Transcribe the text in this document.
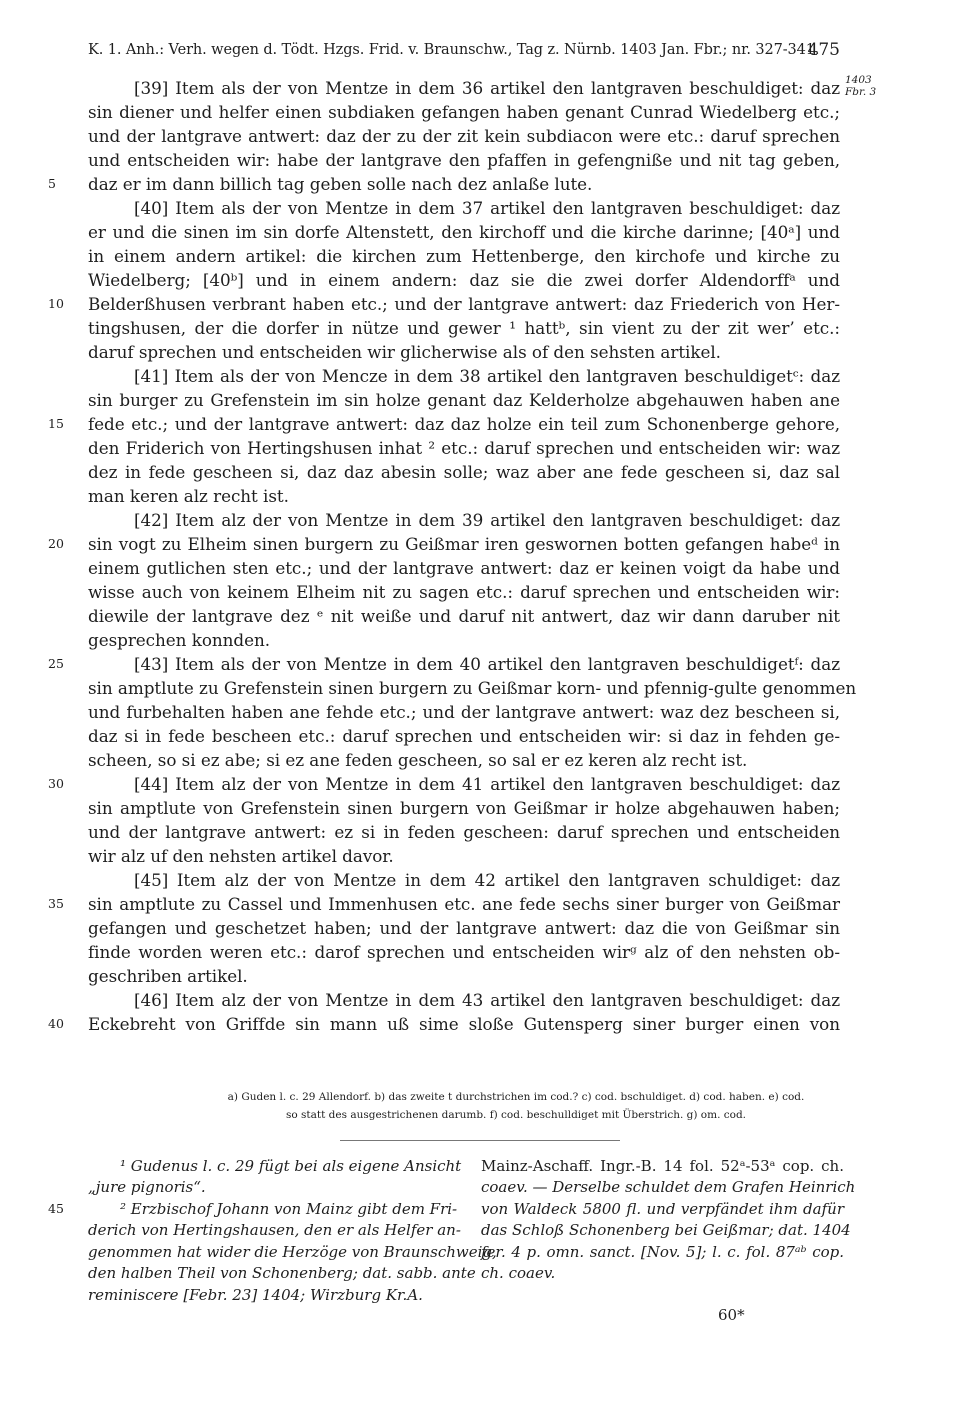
K. 1. Anh.: Verh. wegen d. Tödt. Hzgs. Frid. v. Braunschw., Tag z. Nürnb. 1403 Jan. Fbr.; nr. 327-341.
475
1403
Fbr. 3
[39] Item als der von Mentze in dem 36 artikel den lantgraven beschuldiget: daz
sin diener und helfer einen subdiaken gefangen haben genant Cunrad Wiedelberg etc.;
und der lantgrave antwert: daz der zu der zit kein subdiacon were etc.: daruf sprechen
und entscheiden wir: habe der lantgrave den pfaffen in gefengniße und nit tag geben,
5	daz er im dann billich tag geben solle nach dez anlaße lute.
[40] Item als der von Mentze in dem 37 artikel den lantgraven beschuldiget: daz
er und die sinen im sin dorfe Altenstett, den kirchoff und die kirche darinne; [40ᵃ] und
in einem andern artikel: die kirchen zum Hettenberge, den kirchofe und kirche zu
Wiedelberg; [40ᵇ] und in einem andern: daz sie die zwei dorfer Aldendorffᵃ und
10	Belderßhusen verbrant haben etc.; und der lantgrave antwert: daz Friederich von Her-
tingshusen, der die dorfer in nütze und gewer ¹ hattᵇ, sin vient zu der zit wer’ etc.:
daruf sprechen und entscheiden wir glicherwise als of den sehsten artikel.
[41] Item als der von Mencze in dem 38 artikel den lantgraven beschuldigetᶜ: daz
sin burger zu Grefenstein im sin holze genant daz Kelderholze abgehauwen haben ane
15	fede etc.; und der lantgrave antwert: daz daz holze ein teil zum Schonenberge gehore,
den Friderich von Hertingshusen inhat ² etc.: daruf sprechen und entscheiden wir: waz
dez in fede gescheen si, daz daz abesin solle; waz aber ane fede gescheen si, daz sal
man keren alz recht ist.
[42] Item alz der von Mentze in dem 39 artikel den lantgraven beschuldiget: daz
20	sin vogt zu Elheim sinen burgern zu Geißmar iren geswornen botten gefangen habeᵈ in
einem gutlichen sten etc.; und der lantgrave antwert: daz er keinen voigt da habe und
wisse auch von keinem Elheim nit zu sagen etc.: daruf sprechen und entscheiden wir:
diewile der lantgrave dez ᵉ nit weiße und daruf nit antwert, daz wir dann daruber nit
gesprechen konnden.
25	[43] Item als der von Mentze in dem 40 artikel den lantgraven beschuldigetᶠ: daz
sin amptlute zu Grefenstein sinen burgern zu Geißmar korn- und pfennig-gulte genommen
und furbehalten haben ane fehde etc.; und der lantgrave antwert: waz dez bescheen si,
daz si in fede bescheen etc.: daruf sprechen und entscheiden wir: si daz in fehden ge-
scheen, so si ez abe; si ez ane feden gescheen, so sal er ez keren alz recht ist.
30	[44] Item alz der von Mentze in dem 41 artikel den lantgraven beschuldiget: daz
sin amptlute von Grefenstein sinen burgern von Geißmar ir holze abgehauwen haben;
und der lantgrave antwert: ez si in feden gescheen: daruf sprechen und entscheiden
wir alz uf den nehsten artikel davor.
[45] Item alz der von Mentze in dem 42 artikel den lantgraven schuldiget: daz
35	sin amptlute zu Cassel und Immenhusen etc. ane fede sechs siner burger von Geißmar
gefangen und geschetzet haben; und der lantgrave antwert: daz die von Geißmar sin
finde worden weren etc.: darof sprechen und entscheiden wirᵍ alz of den nehsten ob-
geschriben artikel.
[46] Item alz der von Mentze in dem 43 artikel den lantgraven beschuldiget: daz
40	Eckebreht von Griffde sin mann uß sime sloße Gutensperg siner burger einen von
a) Guden l. c. 29 Allendorf. b) das zweite t durchstrichen im cod.? c) cod. bschuldiget. d) cod. haben. e) cod.
so statt des ausgestrichenen darumb. f) cod. beschulldiget mit Überstrich. g) om. cod.
¹ Gudenus l. c. 29 fügt bei als eigene Ansicht
„jure pignoris“.
45	² Erzbischof Johann von Mainz gibt dem Fri-
derich von Hertingshausen, den er als Helfer an-
genommen hat wider die Herzöge von Braunschweig,
den halben Theil von Schonenberg; dat. sabb. ante
reminiscere [Febr. 23] 1404; Wirzburg Kr.A.
Mainz-Aschaff. Ingr.-B. 14 fol. 52ᵃ-53ᵃ cop. ch.
coaev. — Derselbe schuldet dem Grafen Heinrich
von Waldeck 5800 fl. und verpfändet ihm dafür
das Schloß Schonenberg bei Geißmar; dat. 1404
fer. 4 p. omn. sanct. [Nov. 5]; l. c. fol. 87ᵃᵇ cop.
ch. coaev.
60*
